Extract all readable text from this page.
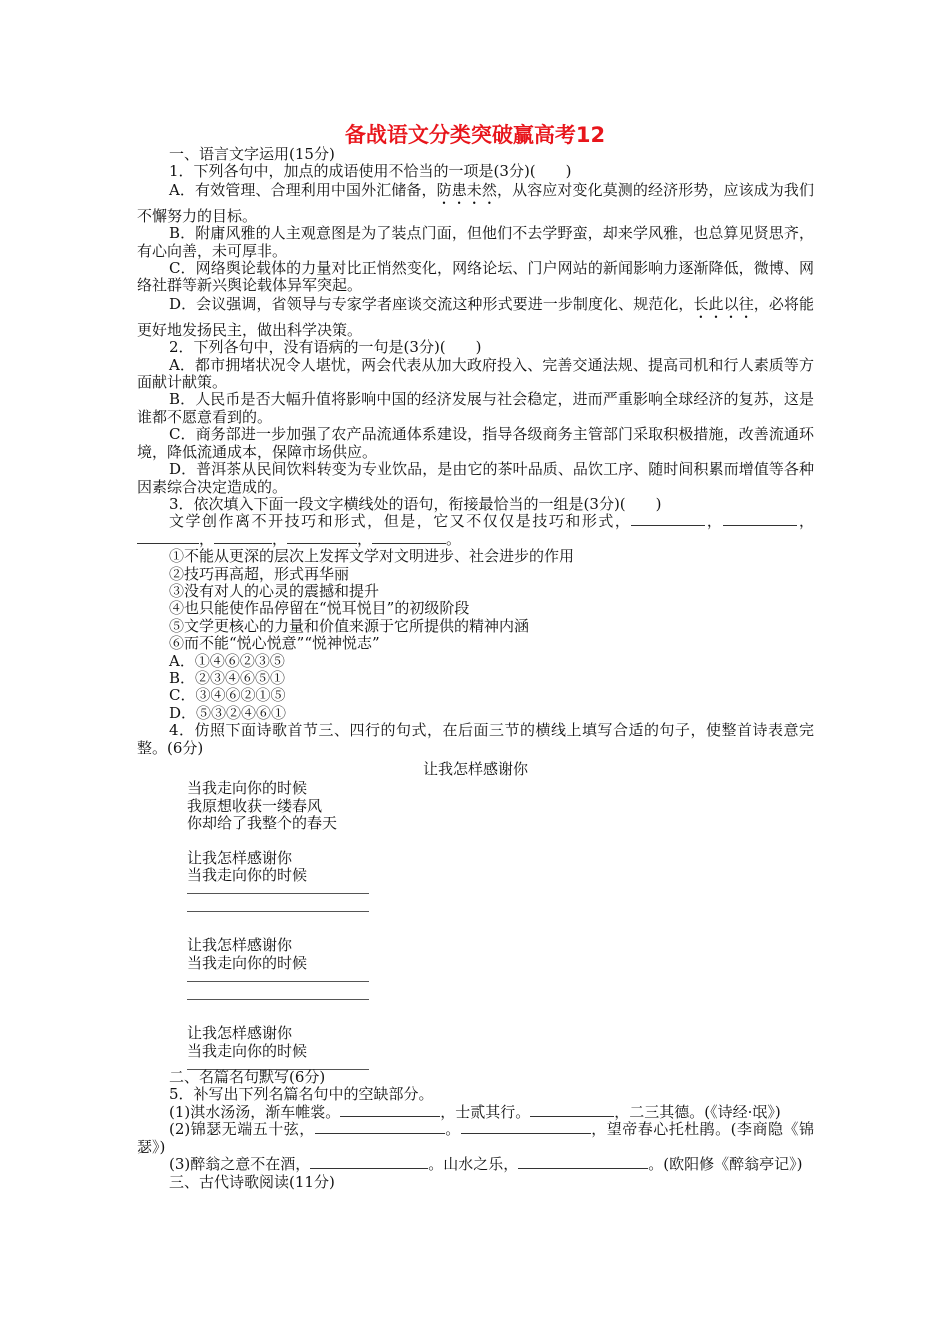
备战语文分类突破赢高考12

一、语言文字运用(15分)

1．下列各句中，加点的成语使用不恰当的一项是(3分)(　　)

A．有效管理、合理利用中国外汇储备，防患未然，从容应对变化莫测的经济形势，应该成为我们不懈努力的目标。

B．附庸风雅的人主观意图是为了装点门面，但他们不去学野蛮，却来学风雅，也总算见贤思齐，有心向善，未可厚非。

C．网络舆论载体的力量对比正悄然变化，网络论坛、门户网站的新闻影响力逐渐降低，微博、网络社群等新兴舆论载体异军突起。

D．会议强调，省领导与专家学者座谈交流这种形式要进一步制度化、规范化，长此以往，必将能更好地发扬民主，做出科学决策。

2．下列各句中，没有语病的一句是(3分)(　　)

A．都市拥堵状况令人堪忧，两会代表从加大政府投入、完善交通法规、提高司机和行人素质等方面献计献策。

B．人民币是否大幅升值将影响中国的经济发展与社会稳定，进而严重影响全球经济的复苏，这是谁都不愿意看到的。

C．商务部进一步加强了农产品流通体系建设，指导各级商务主管部门采取积极措施，改善流通环境，降低流通成本，保障市场供应。

D．普洱茶从民间饮料转变为专业饮品，是由它的茶叶品质、品饮工序、随时间积累而增值等各种因素综合决定造成的。

3．依次填入下面一段文字横线处的语句，衔接最恰当的一组是(3分)(　　)

文学创作离不开技巧和形式，但是，它又不仅仅是技巧和形式，	，	，，	，	，	。

①不能从更深的层次上发挥文学对文明进步、社会进步的作用

②技巧再高超，形式再华丽

③没有对人的心灵的震撼和提升

④也只能使作品停留在“悦耳悦目”的初级阶段

⑤文学更核心的力量和价值来源于它所提供的精神内涵

⑥而不能“悦心悦意”“悦神悦志”

A．①④⑥②③⑤

B．②③④⑥⑤①

C．③④⑥②①⑤

D．⑤③②④⑥①

4．仿照下面诗歌首节三、四行的句式，在后面三节的横线上填写合适的句子，使整首诗表意完整。(6分)

让我怎样感谢你

当我走向你的时候
我原想收获一缕春风
你却给了我整个的春天
让我怎样感谢你
当我走向你的时候
让我怎样感谢你
当我走向你的时候
让我怎样感谢你
当我走向你的时候

二、名篇名句默写(6分)

5．补写出下列名篇名句中的空缺部分。

(1)淇水汤汤，渐车帷裳。	，士贰其行。	，二三其德。(《诗经·氓》)

(2)锦瑟无端五十弦，	。	，望帝春心托杜鹃。(李商隐《锦瑟》)

(3)醉翁之意不在酒，	。山水之乐，	。(欧阳修《醉翁亭记》)

三、古代诗歌阅读(11分)
